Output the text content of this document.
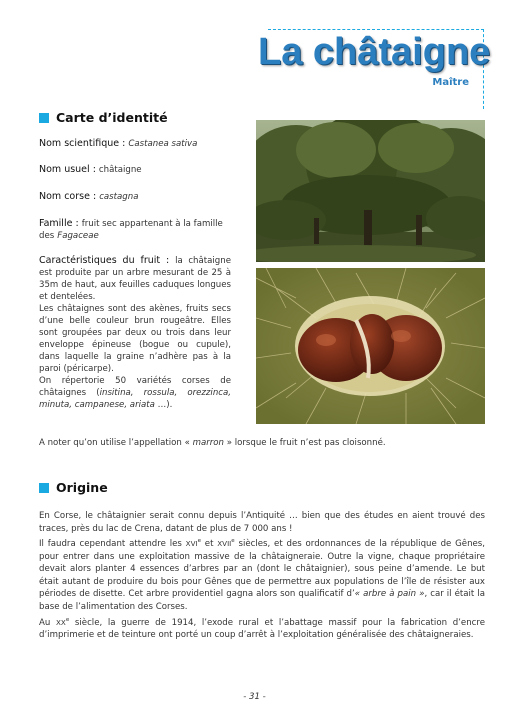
La châtaigne
Maître
Carte d’identité
Nom scientifique : Castanea sativa
Nom usuel : châtaigne
Nom corse : castagna
Famille : fruit sec appartenant à la famille des Fagaceae
Caractéristiques du fruit : la châtaigne est produite par un arbre mesurant de 25 à 35m de haut, aux feuilles caduques longues et dentelées.
Les châtaignes sont des akènes, fruits secs d’une belle couleur brun rougeâtre. Elles sont groupées par deux ou trois dans leur enveloppe épineuse (bogue ou cupule), dans laquelle la graine n’adhère pas à la paroi (péricarpe).
On répertorie 50 variétés corses de châtaignes (insitina, rossula, orezzinca, minuta, campanese, ariata …).
A noter qu’on utilise l’appellation « marron » lorsque le fruit n’est pas cloisonné.
Origine

En Corse, le châtaignier serait connu depuis l’Antiquité … bien que des études en aient trouvé des traces, près du lac de Crena, datant de plus de 7 000 ans !

Il faudra cependant attendre les XVIe et XVIIe siècles, et des ordonnances de la république de Gênes, pour entrer dans une exploitation massive de la châtaigneraie. Outre la vigne, chaque propriétaire devait alors planter 4 essences d’arbres par an (dont le châtaignier), sous peine d’amende. Le but était autant de produire du bois pour Gênes que de permettre aux populations de l’île de résister aux périodes de disette. Cet arbre providentiel gagna alors son qualificatif d’« arbre à pain », car il était la base de l’alimentation des Corses.

Au XXe siècle, la guerre de 1914, l’exode rural et l’abattage massif pour la fabrication d’encre d’imprimerie et de teinture ont porté un coup d’arrêt à l’exploitation généralisée des châtaigneraies.

- 31 -
